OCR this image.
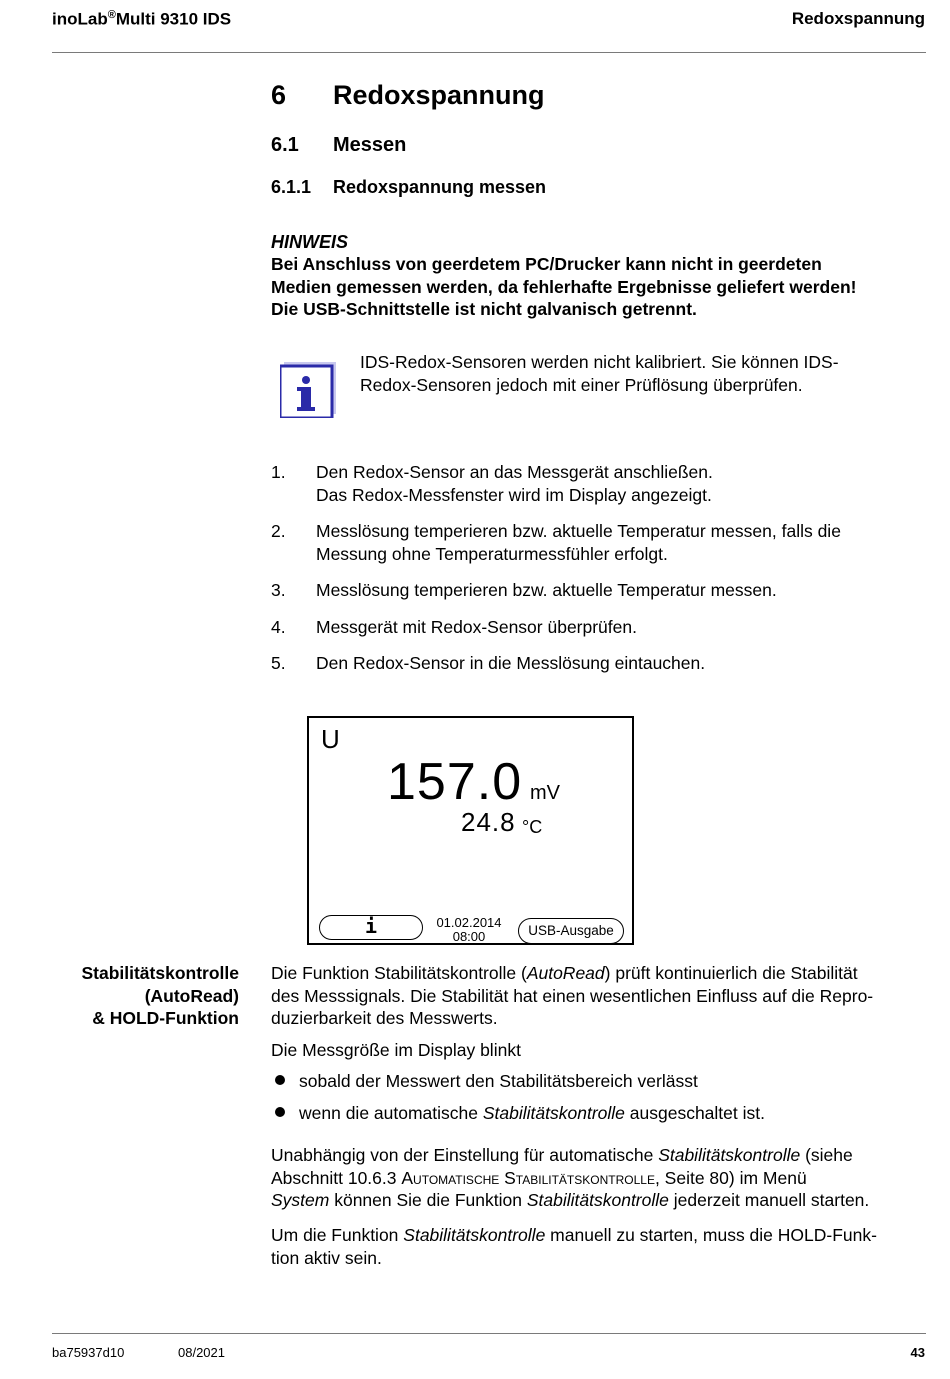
inoLab®Multi 9310 IDS	Redoxspannung
6 Redoxspannung
6.1 Messen
6.1.1 Redoxspannung messen
HINWEIS
Bei Anschluss von geerdetem PC/Drucker kann nicht in geerdeten
Medien gemessen werden, da fehlerhafte Ergebnisse geliefert werden!
Die USB-Schnittstelle ist nicht galvanisch getrennt.
IDS-Redox-Sensoren werden nicht kalibriert. Sie können IDS-
Redox-Sensoren jedoch mit einer Prüflösung überprüfen.
1. Den Redox-Sensor an das Messgerät anschließen.
Das Redox-Messfenster wird im Display angezeigt.
2. Messlösung temperieren bzw. aktuelle Temperatur messen, falls die
Messung ohne Temperaturmessfühler erfolgt.
3. Messlösung temperieren bzw. aktuelle Temperatur messen.
4. Messgerät mit Redox-Sensor überprüfen.
5. Den Redox-Sensor in die Messlösung eintauchen.
U
157.0 mV
24.8 °C
i	01.02.2014
08:00	USB-Ausgabe
Stabilitätskontrolle
(AutoRead)
& HOLD-Funktion
Die Funktion Stabilitätskontrolle (AutoRead) prüft kontinuierlich die Stabilität
des Messsignals. Die Stabilität hat einen wesentlichen Einfluss auf die Repro-
duzierbarkeit des Messwerts.
Die Messgröße im Display blinkt
sobald der Messwert den Stabilitätsbereich verlässt
wenn die automatische Stabilitätskontrolle ausgeschaltet ist.
Unabhängig von der Einstellung für automatische Stabilitätskontrolle (siehe
Abschnitt 10.6.3 Automatische Stabilitätskontrolle, Seite 80) im Menü
System können Sie die Funktion Stabilitätskontrolle jederzeit manuell starten.
Um die Funktion Stabilitätskontrolle manuell zu starten, muss die HOLD-Funk-
tion aktiv sein.
ba75937d10	08/2021	43
